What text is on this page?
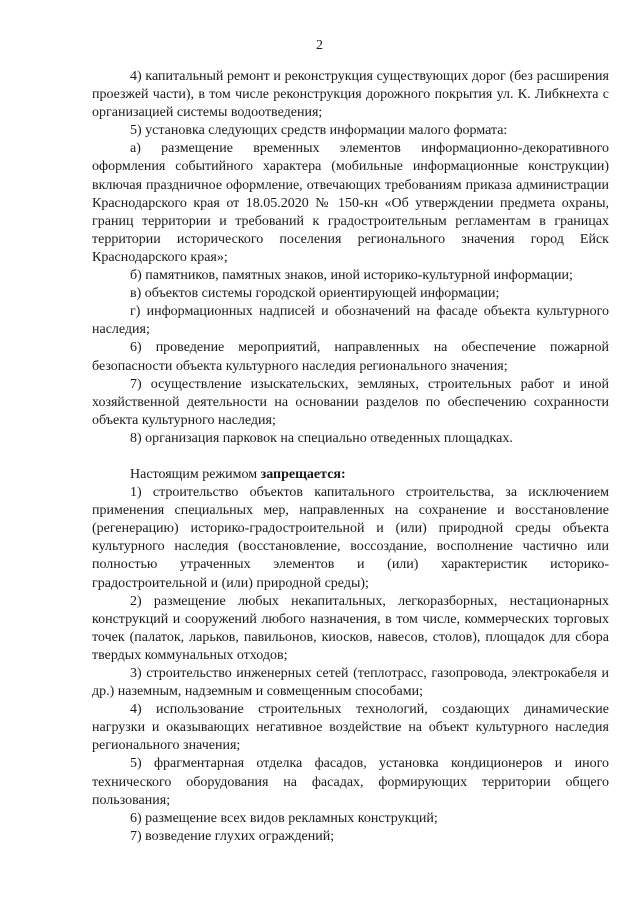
2

4) капитальный ремонт и реконструкция существующих дорог (без расширения проезжей части), в том числе реконструкция дорожного покрытия ул. К. Либкнехта с организацией системы водоотведения;

5) установка следующих средств информации малого формата:

а) размещение временных элементов информационно-декоративного оформления событийного характера (мобильные информационные конструкции) включая праздничное оформление, отвечающих требованиям приказа администрации Краснодарского края от 18.05.2020 № 150-кн «Об утверждении предмета охраны, границ территории и требований к градостроительным регламентам в границах территории исторического поселения регионального значения город Ейск Краснодарского края»;

б) памятников, памятных знаков, иной историко-культурной информации;

в) объектов системы городской ориентирующей информации;

г) информационных надписей и обозначений на фасаде объекта культурного наследия;

6) проведение мероприятий, направленных на обеспечение пожарной безопасности объекта культурного наследия регионального значения;

7) осуществление изыскательских, земляных, строительных работ и иной хозяйственной деятельности на основании разделов по обеспечению сохранности объекта культурного наследия;

8) организация парковок на специально отведенных площадках.

Настоящим режимом запрещается:

1) строительство объектов капитального строительства, за исключением применения специальных мер, направленных на сохранение и восстановление (регенерацию) историко-градостроительной и (или) природной среды объекта культурного наследия (восстановление, воссоздание, восполнение частично или полностью утраченных элементов и (или) характеристик историко-градостроительной и (или) природной среды);

2) размещение любых некапитальных, легкоразборных, нестационарных конструкций и сооружений любого назначения, в том числе, коммерческих торговых точек (палаток, ларьков, павильонов, киосков, навесов, столов), площадок для сбора твердых коммунальных отходов;

3) строительство инженерных сетей (теплотрасс, газопровода, электрокабеля и др.) наземным, надземным и совмещенным способами;

4) использование строительных технологий, создающих динамические нагрузки и оказывающих негативное воздействие на объект культурного наследия регионального значения;

5) фрагментарная отделка фасадов, установка кондиционеров и иного технического оборудования на фасадах, формирующих территории общего пользования;

6) размещение всех видов рекламных конструкций;

7) возведение глухих ограждений;
